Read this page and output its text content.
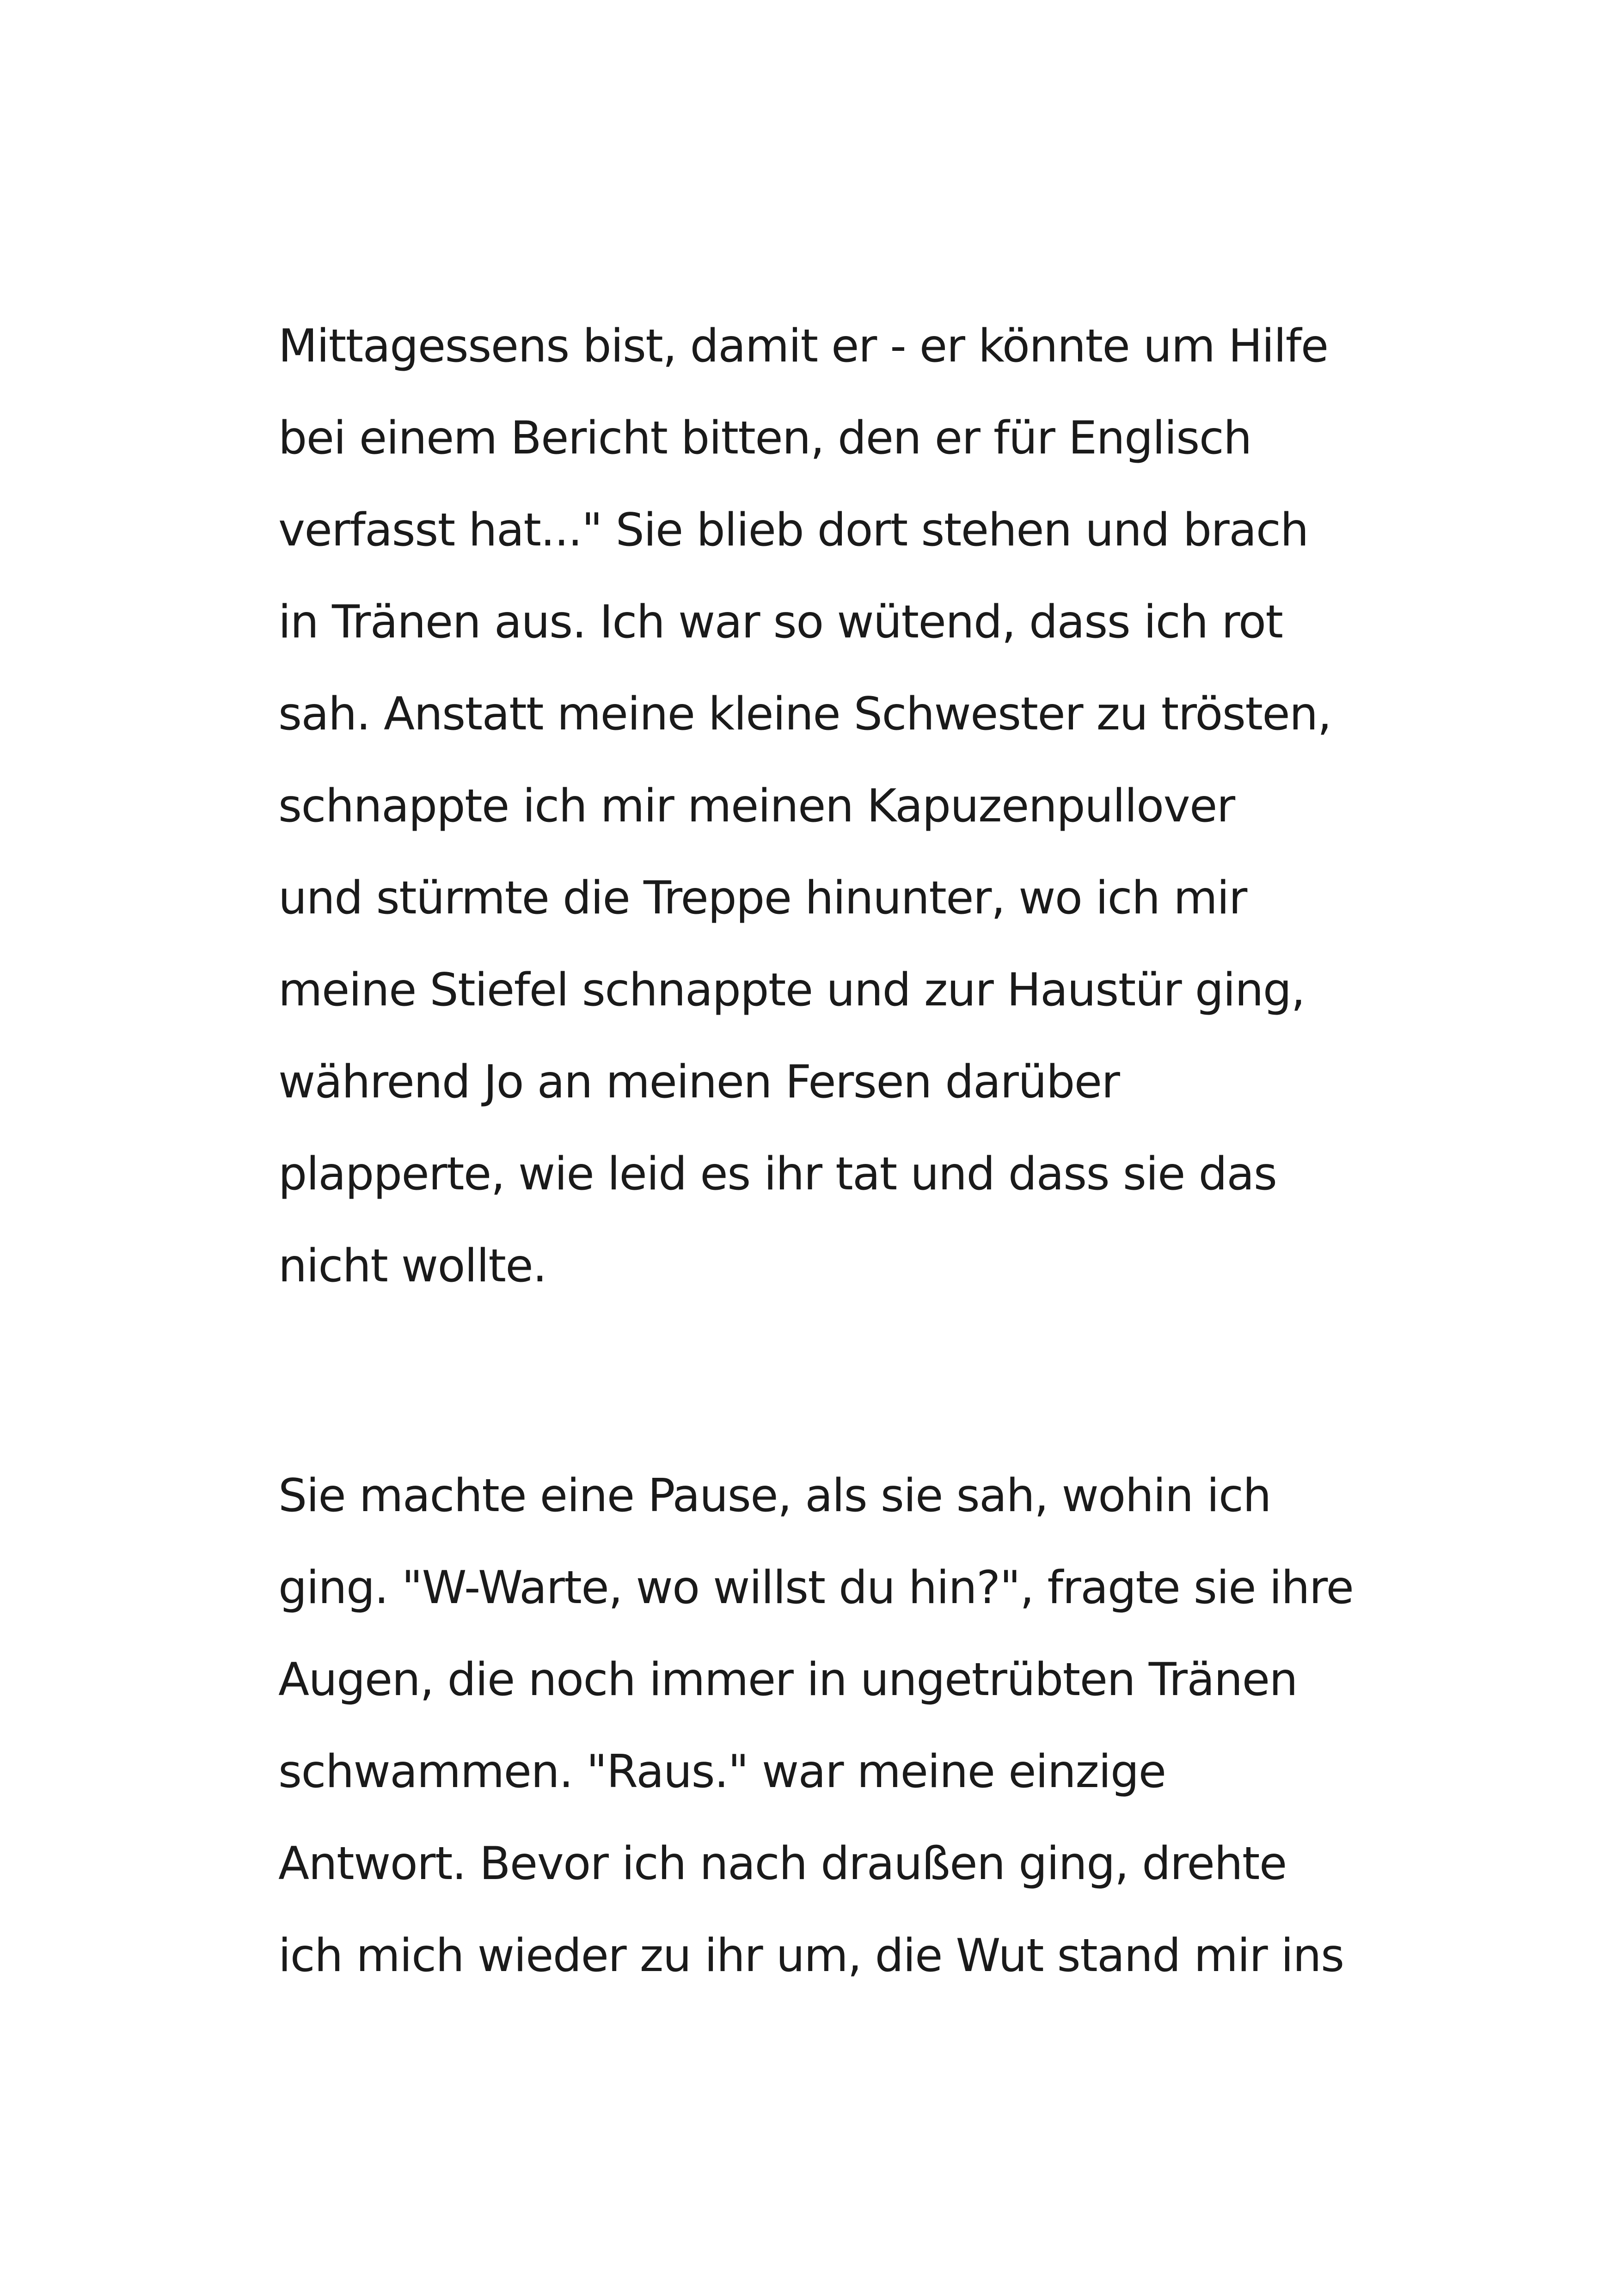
Mittagessens bist, damit er - er könnte um Hilfe
bei einem Bericht bitten, den er für Englisch
verfasst hat..." Sie blieb dort stehen und brach
in Tränen aus. Ich war so wütend, dass ich rot
sah. Anstatt meine kleine Schwester zu trösten,
schnappte ich mir meinen Kapuzenpullover
und stürmte die Treppe hinunter, wo ich mir
meine Stiefel schnappte und zur Haustür ging,
während Jo an meinen Fersen darüber
plapperte, wie leid es ihr tat und dass sie das
nicht wollte.
Sie machte eine Pause, als sie sah, wohin ich
ging. "W-Warte, wo willst du hin?", fragte sie ihre
Augen, die noch immer in ungetrübten Tränen
schwammen. "Raus." war meine einzige
Antwort. Bevor ich nach draußen ging, drehte
ich mich wieder zu ihr um, die Wut stand mir ins
